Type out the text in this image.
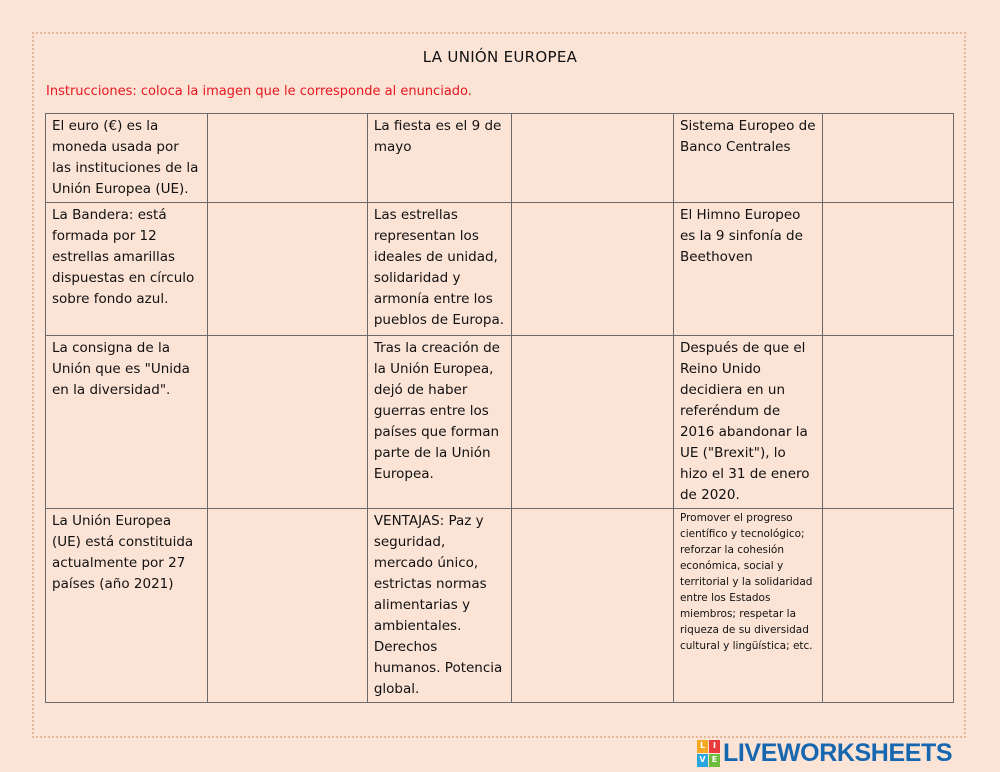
LA UNIÓN EUROPEA
Instrucciones: coloca la imagen que le corresponde al enunciado.
El euro (€) es la moneda usada por las instituciones de la Unión Europea (UE).		La fiesta es el 9 de mayo		Sistema Europeo de Banco Centrales	
La Bandera: está formada por 12 estrellas amarillas dispuestas en círculo sobre fondo azul.		Las estrellas representan los ideales de unidad, solidaridad y armonía entre los pueblos de Europa.		El Himno Europeo es la 9 sinfonía de Beethoven	
La consigna de la Unión que es "Unida en la diversidad".		Tras la creación de la Unión Europea, dejó de haber guerras entre los países que forman parte de la Unión Europea.		Después de que el Reino Unido decidiera en un referéndum de 2016 abandonar la UE ("Brexit"), lo hizo el 31 de enero de 2020.	
La Unión Europea (UE) está constituida actualmente por 27 países (año 2021)		VENTAJAS: Paz y seguridad, mercado único, estrictas normas alimentarias y ambientales. Derechos humanos. Potencia global.		Promover el progreso científico y tecnológico; reforzar la cohesión económica, social y territorial y la solidaridad entre los Estados miembros; respetar la riqueza de su diversidad cultural y lingüística; etc.	
L I
V E LIVEWORKSHEETS
